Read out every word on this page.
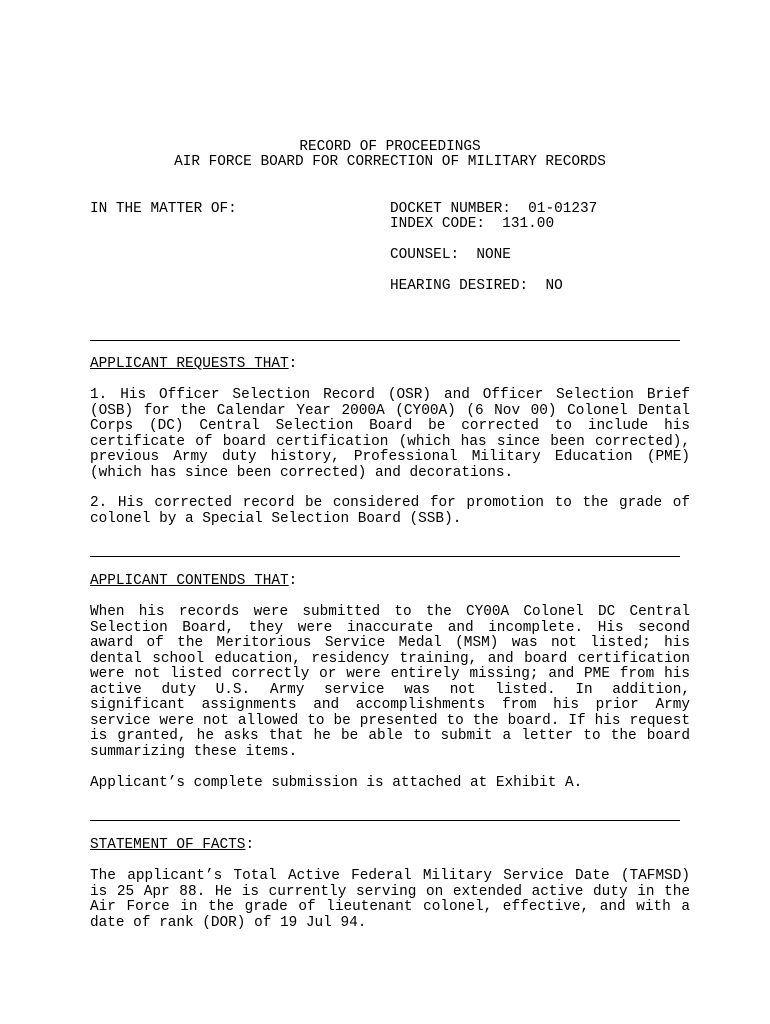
RECORD OF PROCEEDINGS
AIR FORCE BOARD FOR CORRECTION OF MILITARY RECORDS
IN THE MATTER OF:	DOCKET NUMBER:  01-01237
INDEX CODE:  131.00
COUNSEL:  NONE
HEARING DESIRED:  NO
APPLICANT REQUESTS THAT:

1. His Officer Selection Record (OSR) and Officer Selection Brief (OSB) for the Calendar Year 2000A (CY00A) (6 Nov 00) Colonel Dental Corps (DC) Central Selection Board be corrected to include his certificate of board certification (which has since been corrected), previous Army duty history, Professional Military Education (PME) (which has since been corrected) and decorations.

2. His corrected record be considered for promotion to the grade of colonel by a Special Selection Board (SSB).

APPLICANT CONTENDS THAT:

When his records were submitted to the CY00A Colonel DC Central Selection Board, they were inaccurate and incomplete. His second award of the Meritorious Service Medal (MSM) was not listed; his dental school education, residency training, and board certification were not listed correctly or were entirely missing; and PME from his active duty U.S. Army service was not listed. In addition, significant assignments and accomplishments from his prior Army service were not allowed to be presented to the board. If his request is granted, he asks that he be able to submit a letter to the board summarizing these items.

Applicant’s complete submission is attached at Exhibit A.

STATEMENT OF FACTS:

The applicant’s Total Active Federal Military Service Date (TAFMSD) is 25 Apr 88. He is currently serving on extended active duty in the Air Force in the grade of lieutenant colonel, effective, and with a date of rank (DOR) of 19 Jul 94.
